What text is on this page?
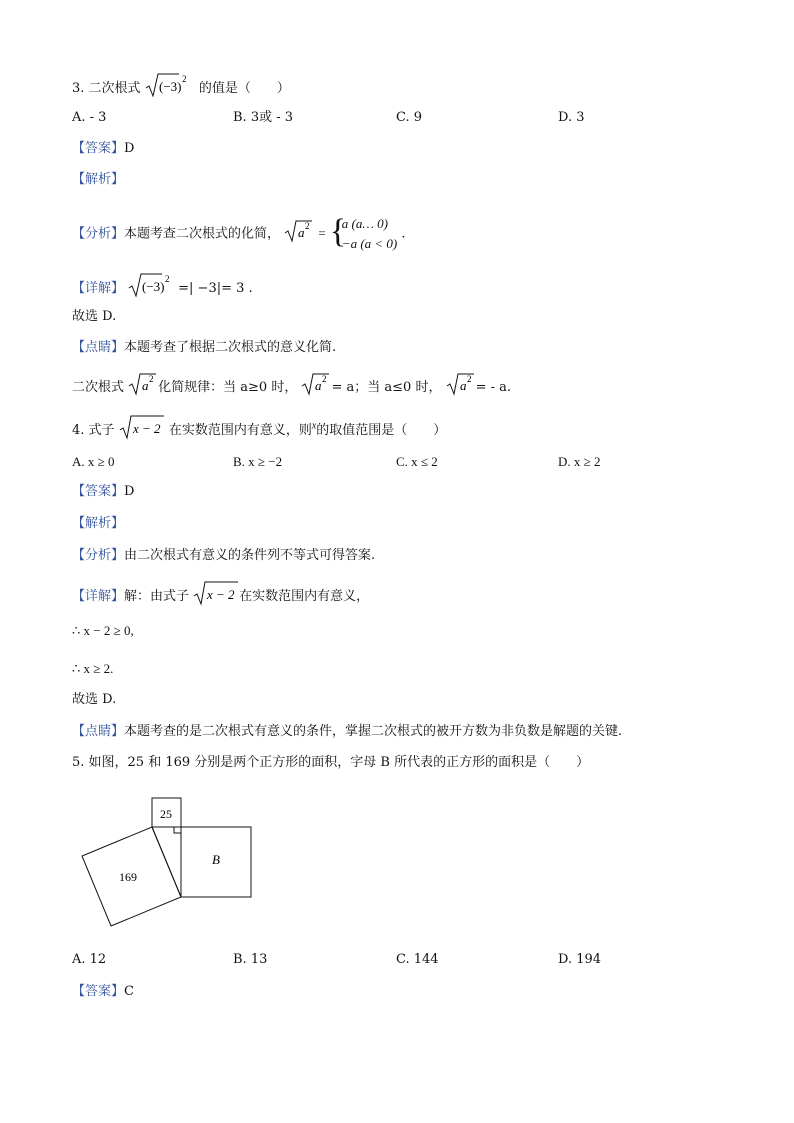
3. 二次根式 (−3) 2
的值是（　　）
A. - 3	B. 3或 - 3	C. 9	D. 3
【答案】D
【解析】
【分析】本题考查二次根式的化简， a 2 = {
a (a… 0)
−a (a < 0)
.
【详解】 (−3) 2
=| −3|= 3 .
故选 D.
【点睛】本题考查了根据二次根式的意义化简.
二次根式 a 2
化简规律：当 a≥0 时， a 2
= a；当 a≤0 时， a 2
= - a.
4. 式子 x − 2 在实数范围内有意义，则$^x$的取值范围是（　　）
A. x ≥ 0	B. x ≥ −2	C. x ≤ 2	D. x ≥ 2
【答案】D
【解析】
【分析】由二次根式有意义的条件列不等式可得答案.
【详解】解：由式子 x − 2 在实数范围内有意义，
∴ x − 2 ≥ 0,
∴ x ≥ 2.
故选 D.
【点睛】本题考查的是二次根式有意义的条件，掌握二次根式的被开方数为非负数是解题的关键.
5. 如图，25 和 169 分别是两个正方形的面积，字母 B 所代表的正方形的面积是（　　）
25
B
169
A. 12	B. 13	C. 144	D. 194
【答案】C
